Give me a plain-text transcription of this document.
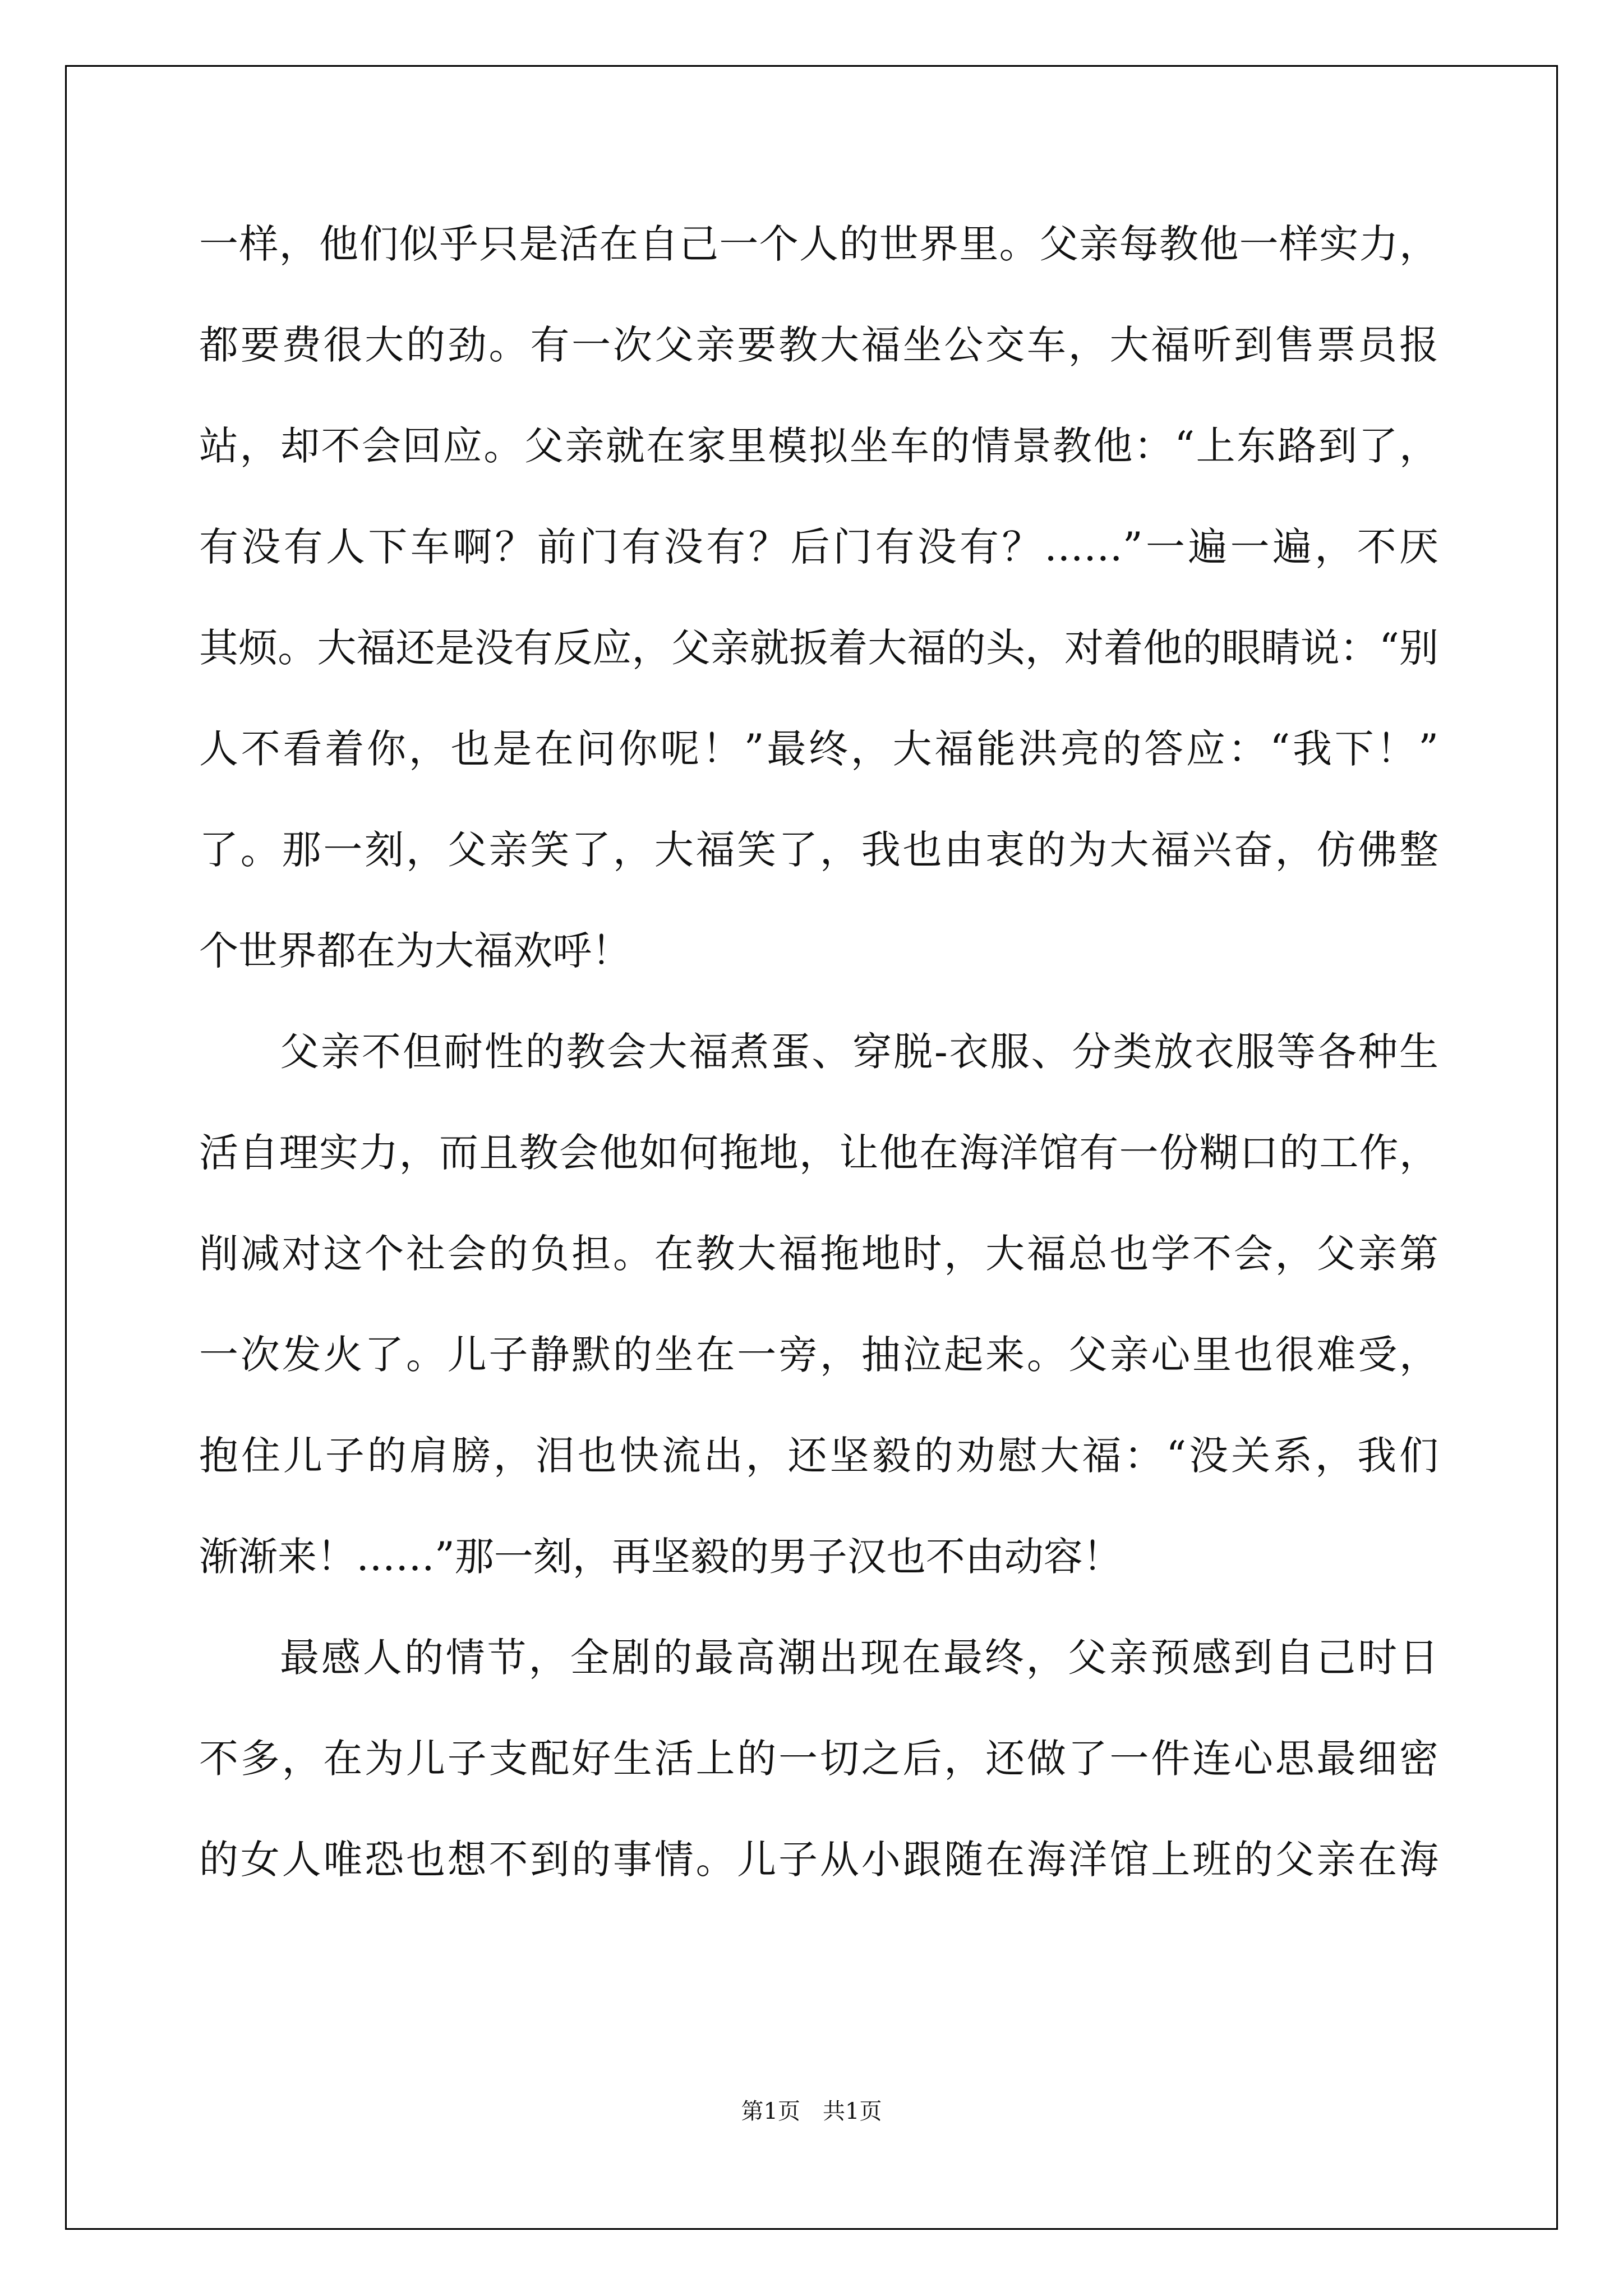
一样，他们似乎只是活在自己一个人的世界里。父亲每教他一样实力，
都要费很大的劲。有一次父亲要教大福坐公交车，大福听到售票员报
站，却不会回应。父亲就在家里模拟坐车的情景教他：“上东路到了，
有没有人下车啊？前门有没有？后门有没有？……”一遍一遍，不厌
其烦。大福还是没有反应，父亲就扳着大福的头，对着他的眼睛说：“别
人不看着你，也是在问你呢！”最终，大福能洪亮的答应：“我下！”
了。那一刻，父亲笑了，大福笑了，我也由衷的为大福兴奋，仿佛整
个世界都在为大福欢呼！
父亲不但耐性的教会大福煮蛋、穿脱-衣服、分类放衣服等各种生
活自理实力，而且教会他如何拖地，让他在海洋馆有一份糊口的工作，
削减对这个社会的负担。在教大福拖地时，大福总也学不会，父亲第
一次发火了。儿子静默的坐在一旁，抽泣起来。父亲心里也很难受，
抱住儿子的肩膀，泪也快流出，还坚毅的劝慰大福：“没关系，我们
渐渐来！……”那一刻，再坚毅的男子汉也不由动容！
最感人的情节，全剧的最高潮出现在最终，父亲预感到自己时日
不多，在为儿子支配好生活上的一切之后，还做了一件连心思最细密
的女人唯恐也想不到的事情。儿子从小跟随在海洋馆上班的父亲在海
第1页　共1页
